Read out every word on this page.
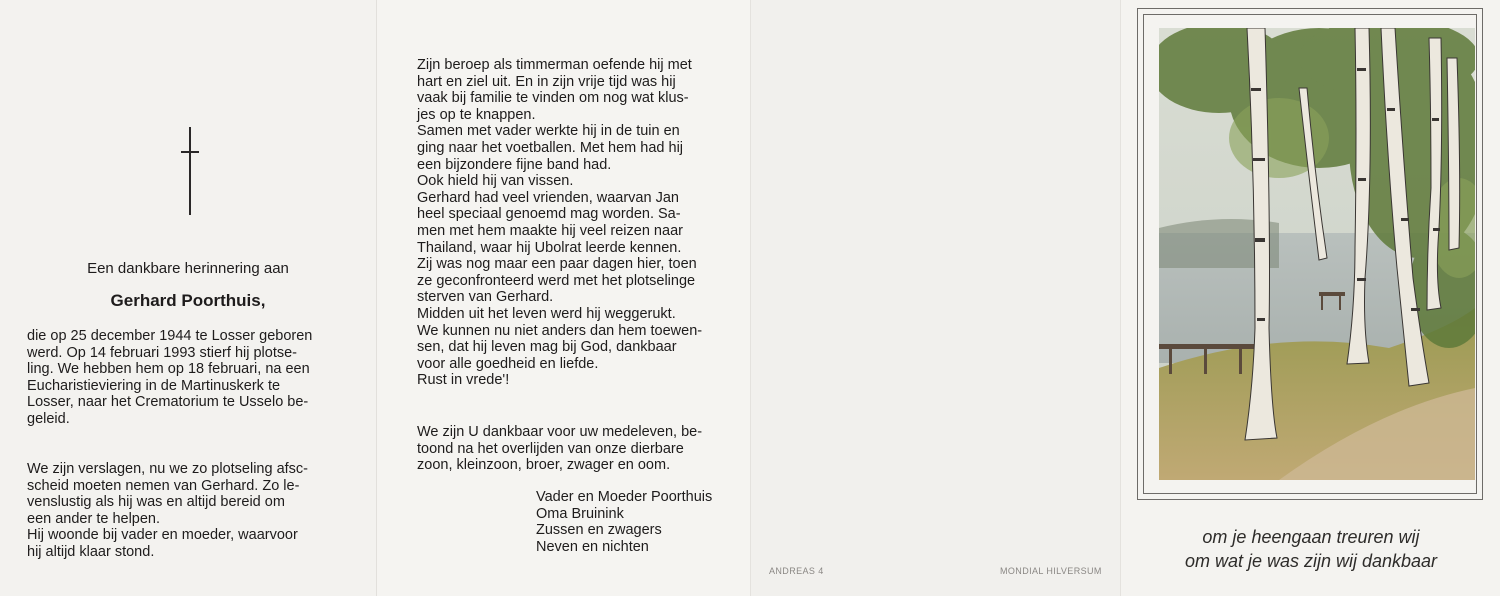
Een dankbare herinnering aan
Gerhard Poorthuis,
die op 25 december 1944 te Losser geboren
werd. Op 14 februari 1993 stierf hij plotse-
ling. We hebben hem op 18 februari, na een
Eucharistieviering in de Martinuskerk te
Losser, naar het Crematorium te Usselo be-
geleid.
We zijn verslagen, nu we zo plotseling afsc-
scheid moeten nemen van Gerhard. Zo le-
venslustig als hij was en altijd bereid om
een ander te helpen.
Hij woonde bij vader en moeder, waarvoor
hij altijd klaar stond.
Zijn beroep als timmerman oefende hij met
hart en ziel uit. En in zijn vrije tijd was hij
vaak bij familie te vinden om nog wat klus-
jes op te knappen.
Samen met vader werkte hij in de tuin en
ging naar het voetballen. Met hem had hij
een bijzondere fijne band had.
Ook hield hij van vissen.
Gerhard had veel vrienden, waarvan Jan
heel speciaal genoemd mag worden. Sa-
men met hem maakte hij veel reizen naar
Thailand, waar hij Ubolrat leerde kennen.
Zij was nog maar een paar dagen hier, toen
ze geconfronteerd werd met het plotselinge
sterven van Gerhard.
Midden uit het leven werd hij weggerukt.
We kunnen nu niet anders dan hem toewen-
sen, dat hij leven mag bij God, dankbaar
voor alle goedheid en liefde.
Rust in vrede'!
We zijn U dankbaar voor uw medeleven, be-
toond na het overlijden van onze dierbare
zoon, kleinzoon, broer, zwager en oom.
Vader en Moeder Poorthuis
Oma Bruinink
Zussen en zwagers
Neven en nichten
ANDREAS 4	MONDIAL HILVERSUM
om je heengaan treuren wij
om wat je was zijn wij dankbaar
